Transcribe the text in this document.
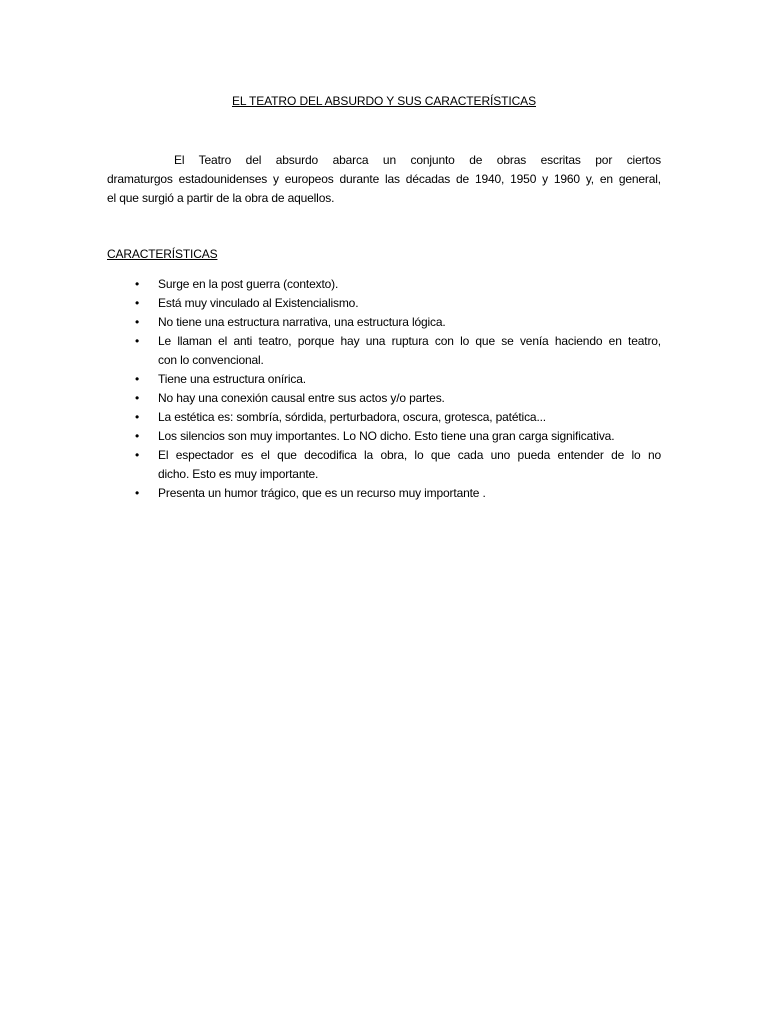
EL TEATRO DEL ABSURDO Y SUS CARACTERÍSTICAS
El Teatro del absurdo abarca un conjunto de obras escritas por ciertos
dramaturgos estadounidenses y europeos durante las décadas de 1940, 1950 y 1960 y, en general,
el que surgió a partir de la obra de aquellos.
CARACTERÍSTICAS
• Surge en la post guerra (contexto).
• Está muy vinculado al Existencialismo.
• No tiene una estructura narrativa, una estructura lógica.
• Le llaman el anti teatro, porque hay una ruptura con lo que se venía haciendo en teatro,
con lo convencional.
• Tiene una estructura onírica.
• No hay una conexión causal entre sus actos y/o partes.
• La estética es: sombría, sórdida, perturbadora, oscura, grotesca, patética...
• Los silencios son muy importantes. Lo NO dicho. Esto tiene una gran carga significativa.
• El espectador es el que decodifica la obra, lo que cada uno pueda entender de lo no
dicho. Esto es muy importante.
• Presenta un humor trágico, que es un recurso muy importante .
